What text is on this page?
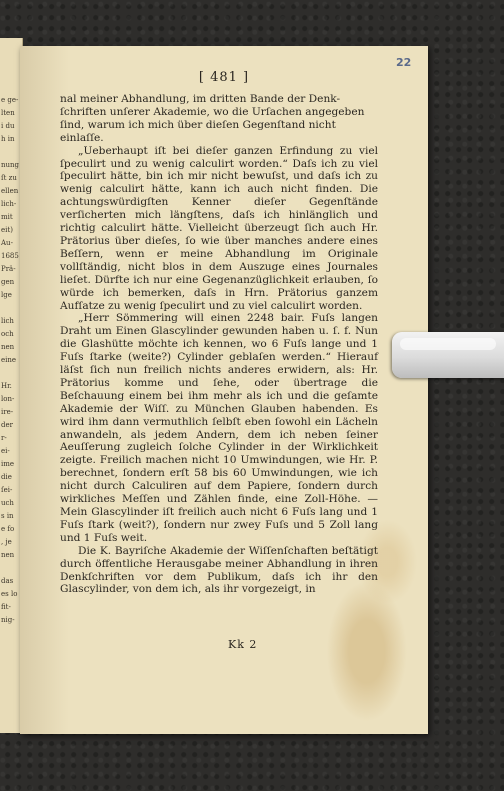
e ge-
lten
i du
h in
nung
ſt zu
ellen
lich-
mit
eit)
Au-
1685
Prä-
gen
lge
lich
och
nen
eine
Hr.
lon-
ire-
der
r-
ei-
ime
die
ſei-
uch
s in
e fo
, je
nen
das
es lo
fit-
nig-
[ 481 ]

nal meiner Abhandlung, im dritten Bande der Denk-

ſchriften unſerer Akademie, wo die Urſachen angegeben

ſind, warum ich mich über dieſen Gegenſtand nicht

einlaſſe.

„Ueberhaupt iſt bei dieſer ganzen Erfindung zu viel ſpeculirt und zu wenig calculirt worden.“ Daſs ich zu viel ſpeculirt hätte, bin ich mir nicht bewuſst, und daſs ich zu wenig calculirt hätte, kann ich auch nicht finden. Die achtungswürdigſten Kenner dieſer Gegenſtände verſicherten mich längſtens, daſs ich hinlänglich und richtig calculirt hätte. Vielleicht überzeugt ſich auch Hr. Prätorius über dieſes, ſo wie über manches andere eines Beſſern, wenn er meine Abhandlung im Originale vollſtändig, nicht blos in dem Auszuge eines Journales lieſet. Dürfte ich nur eine Gegenanzüglichkeit erlauben, ſo würde ich bemerken, daſs in Hrn. Prätorius ganzem Aufſatze zu wenig ſpeculirt und zu viel calculirt worden.

„Herr Sömmering will einen 2248 bair. Fuſs langen Draht um Einen Glascylinder gewunden haben u. ſ. f. Nun die Glashütte möchte ich kennen, wo 6 Fuſs lange und 1 Fuſs ſtarke (weite?) Cylinder geblaſen werden.“ Hierauf läſst ſich nun freilich nichts anderes erwidern, als: Hr. Prätorius komme und ſehe, oder übertrage die Beſchauung einem bei ihm mehr als ich und die geſamte Akademie der Wiſſ. zu München Glauben habenden. Es wird ihm dann vermuthlich ſelbſt eben ſowohl ein Lächeln anwandeln, als jedem Andern, dem ich neben ſeiner Aeuſſerung zugleich ſolche Cylinder in der Wirklichkeit zeigte. Freilich machen nicht 10 Umwindungen, wie Hr. P. berechnet, ſondern erſt 58 bis 60 Umwindungen, wie ich nicht durch Calculiren auf dem Papiere, ſondern durch wirkliches Meſſen und Zählen finde, eine Zoll-Höhe. — Mein Glascylinder iſt freilich auch nicht 6 Fuſs lang und 1 Fuſs ſtark (weit?), ſondern nur zwey Fuſs und 5 Zoll lang und 1 Fuſs weit.

Die K. Bayriſche Akademie der Wiſſenſchaften beſtätigt durch öffentliche Herausgabe meiner Abhandlung in ihren Denkſchriften vor dem Publikum, daſs ich ihr den Glascylinder, von dem ich, als ihr vorgezeigt, in

Kk 2
22
